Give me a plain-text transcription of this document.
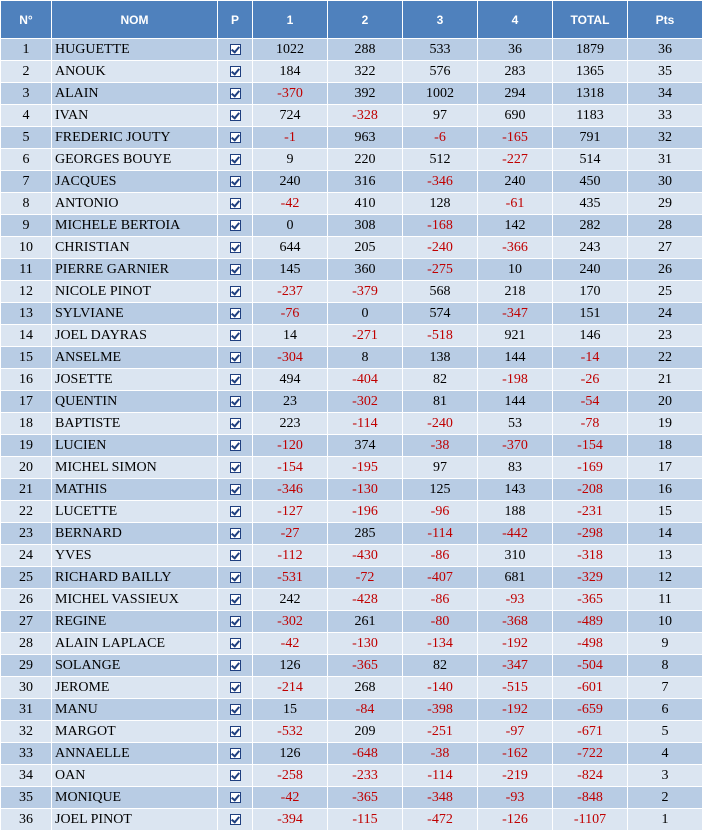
N°	NOM	P	1	2	3	4	TOTAL	Pts
1	HUGUETTE		1022	288	533	36	1879	36
2	ANOUK		184	322	576	283	1365	35
3	ALAIN		-370	392	1002	294	1318	34
4	IVAN		724	-328	97	690	1183	33
5	FREDERIC JOUTY		-1	963	-6	-165	791	32
6	GEORGES BOUYE		9	220	512	-227	514	31
7	JACQUES		240	316	-346	240	450	30
8	ANTONIO		-42	410	128	-61	435	29
9	MICHELE BERTOIA		0	308	-168	142	282	28
10	CHRISTIAN		644	205	-240	-366	243	27
11	PIERRE GARNIER		145	360	-275	10	240	26
12	NICOLE PINOT		-237	-379	568	218	170	25
13	SYLVIANE		-76	0	574	-347	151	24
14	JOEL DAYRAS		14	-271	-518	921	146	23
15	ANSELME		-304	8	138	144	-14	22
16	JOSETTE		494	-404	82	-198	-26	21
17	QUENTIN		23	-302	81	144	-54	20
18	BAPTISTE		223	-114	-240	53	-78	19
19	LUCIEN		-120	374	-38	-370	-154	18
20	MICHEL SIMON		-154	-195	97	83	-169	17
21	MATHIS		-346	-130	125	143	-208	16
22	LUCETTE		-127	-196	-96	188	-231	15
23	BERNARD		-27	285	-114	-442	-298	14
24	YVES		-112	-430	-86	310	-318	13
25	RICHARD BAILLY		-531	-72	-407	681	-329	12
26	MICHEL VASSIEUX		242	-428	-86	-93	-365	11
27	REGINE		-302	261	-80	-368	-489	10
28	ALAIN LAPLACE		-42	-130	-134	-192	-498	9
29	SOLANGE		126	-365	82	-347	-504	8
30	JEROME		-214	268	-140	-515	-601	7
31	MANU		15	-84	-398	-192	-659	6
32	MARGOT		-532	209	-251	-97	-671	5
33	ANNAELLE		126	-648	-38	-162	-722	4
34	OAN		-258	-233	-114	-219	-824	3
35	MONIQUE		-42	-365	-348	-93	-848	2
36	JOEL PINOT		-394	-115	-472	-126	-1107	1
